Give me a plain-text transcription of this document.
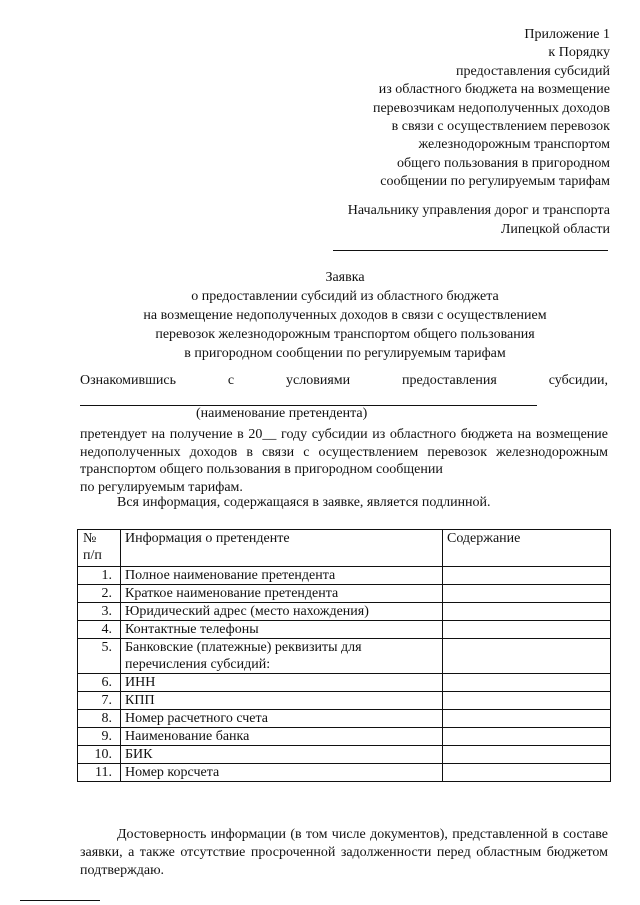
Приложение 1
к Порядку
предоставления субсидий
из областного бюджета на возмещение
перевозчикам недополученных доходов
в связи с осуществлением перевозок
железнодорожным транспортом
общего пользования в пригородном
сообщении по регулируемым тарифам
Начальнику управления дорог и транспорта
Липецкой области
Заявка
о предоставлении субсидий из областного бюджета
на возмещение недополученных доходов в связи с осуществлением
перевозок железнодорожным транспортом общего пользования
в пригородном сообщении по регулируемым тарифам
Ознакомившись	с	условиями	предоставления	субсидии,
(наименование претендента)

претендует на получение в 20__ году субсидии из областного бюджета на возмещение недополученных доходов в связи с осуществлением перевозок железнодорожным транспортом общего пользования в пригородном сообщении

по регулируемым тарифам.

Вся информация, содержащаяся в заявке, является подлинной.
№
п/п	Информация о претенденте	Содержание
1.	Полное наименование претендента	
2.	Краткое наименование претендента	
3.	Юридический адрес (место нахождения)	
4.	Контактные телефоны	
5.	Банковские (платежные) реквизиты для перечисления субсидий:	
6.	ИНН	
7.	КПП	
8.	Номер расчетного счета	
9.	Наименование банка	
10.	БИК	
11.	Номер корсчета	
Достоверность информации (в том числе документов), представленной в составе заявки, а также отсутствие просроченной задолженности перед областным бюджетом подтверждаю.
